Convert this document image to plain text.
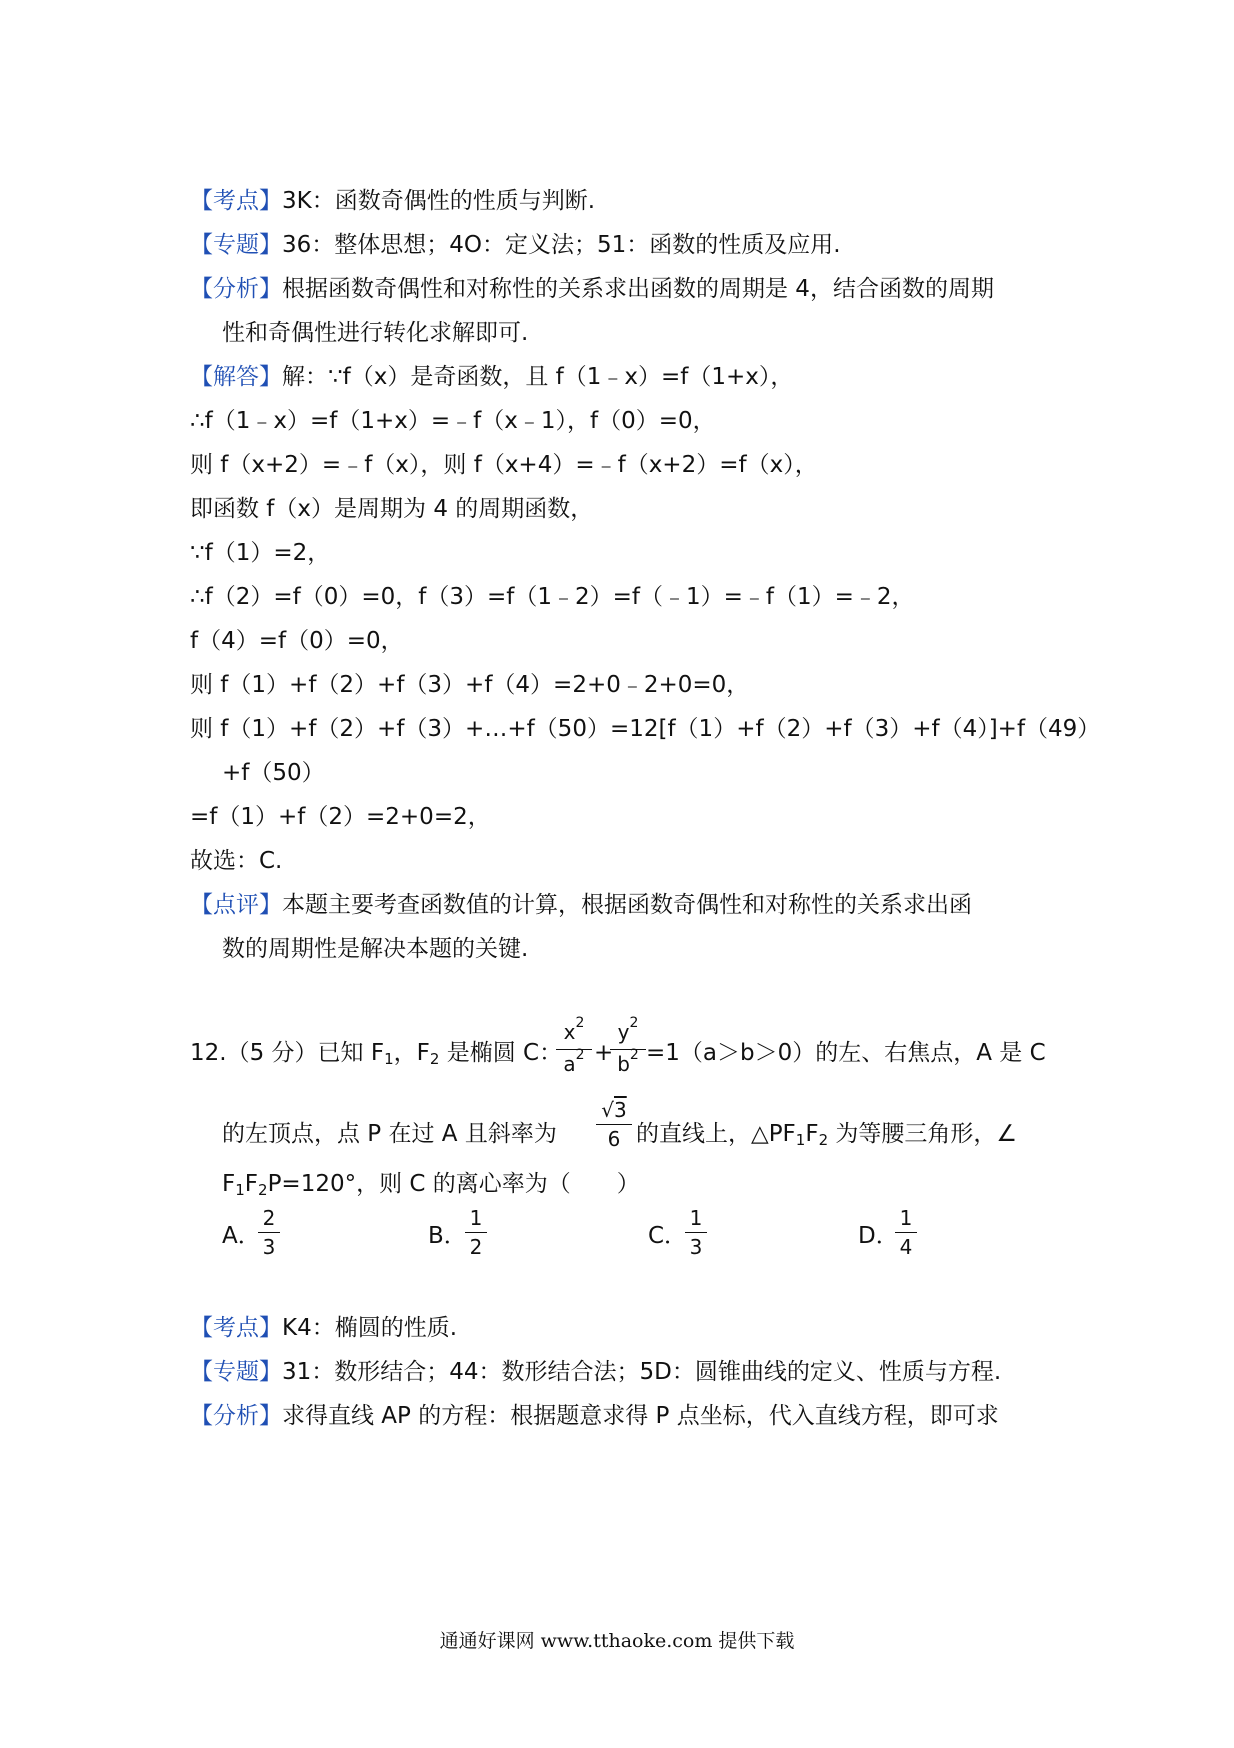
【考点】3K：函数奇偶性的性质与判断.
【专题】36：整体思想；4O：定义法；51：函数的性质及应用.
【分析】根据函数奇偶性和对称性的关系求出函数的周期是 4，结合函数的周期
性和奇偶性进行转化求解即可.
【解答】解：∵f（x）是奇函数，且 f（1﹣x）=f（1+x），
∴f（1﹣x）=f（1+x）=﹣f（x﹣1），f（0）=0，
则 f（x+2）=﹣f（x），则 f（x+4）=﹣f（x+2）=f（x），
即函数 f（x）是周期为 4 的周期函数，
∵f（1）=2，
∴f（2）=f（0）=0，f（3）=f（1﹣2）=f（﹣1）=﹣f（1）=﹣2，
f（4）=f（0）=0，
则 f（1）+f（2）+f（3）+f（4）=2+0﹣2+0=0，
则 f（1）+f（2）+f（3）+…+f（50）=12[f（1）+f（2）+f（3）+f（4）]+f（49）
+f（50）
=f（1）+f（2）=2+0=2，
故选：C.
【点评】本题主要考查函数值的计算，根据函数奇偶性和对称性的关系求出函
数的周期性是解决本题的关键.
12.（5 分）已知 $F_1$，$F_2$ 是椭圆 C：
$x^2$
$a^2$ +
$y^2$
$b^2 =1(a>b>0)$的左、右焦点，A 是 C
的左顶点，点 P 在过 A 且斜率为
√3
6 的直线上，$\triangle PF_1F_2$ 为等腰三角形，∠
$F_1F_2P=120^\circ$，则 C 的离心率为（　　）
A．
2
3	B．
1
2	C．
1
3	D．
1
4
【考点】K4：椭圆的性质.
【专题】31：数形结合；44：数形结合法；5D：圆锥曲线的定义、性质与方程.
【分析】求得直线 AP 的方程：根据题意求得 P 点坐标，代入直线方程，即可求
通通好课网 www.tthaoke.com 提供下载
